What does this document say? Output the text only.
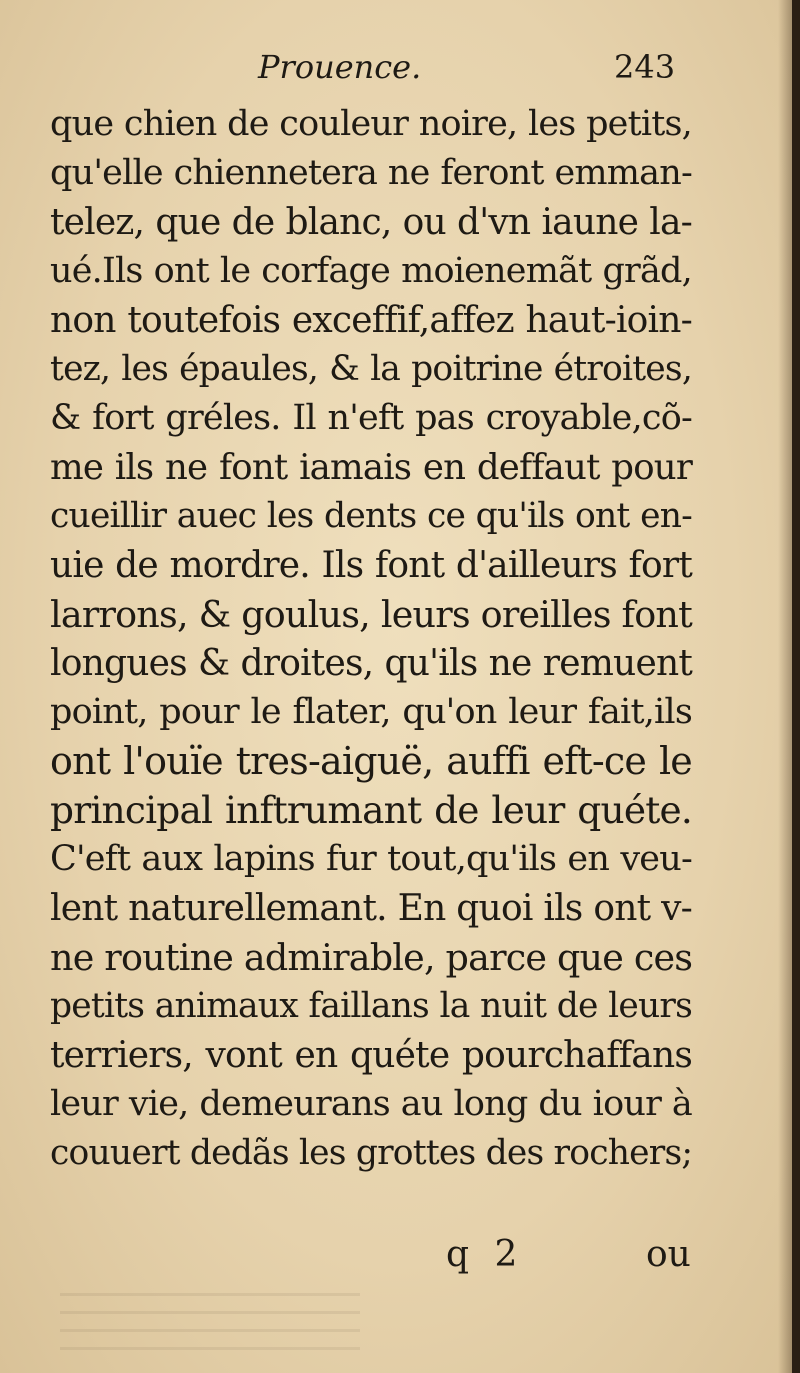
Prouence.	243
que chien de couleur noire, les petits,
qu'elle chiennetera ne feront emman-
telez, que de blanc, ou d'vn iaune la-
ué.Ils ont le corfage moienemãt grãd,
non toutefois exceffif,affez haut-ioin-
tez, les épaules, & la poitrine étroites,
& fort gréles. Il n'eft pas croyable,cõ-
me ils ne font iamais en deffaut pour
cueillir auec les dents ce qu'ils ont en-
uie de mordre. Ils font d'ailleurs fort
larrons, & goulus, leurs oreilles font
longues & droites, qu'ils ne remuent
point, pour le flater, qu'on leur fait,ils
ont l'ouïe tres-aiguë, auffi eft-ce le
principal inftrumant de leur quéte.
C'eft aux lapins fur tout,qu'ils en veu-
lent naturellemant. En quoi ils ont v-
ne routine admirable, parce que ces
petits animaux faillans la nuit de leurs
terriers, vont en quéte pourchaffans
leur vie, demeurans au long du iour à
couuert dedãs les grottes des rochers;
q 2	ou
